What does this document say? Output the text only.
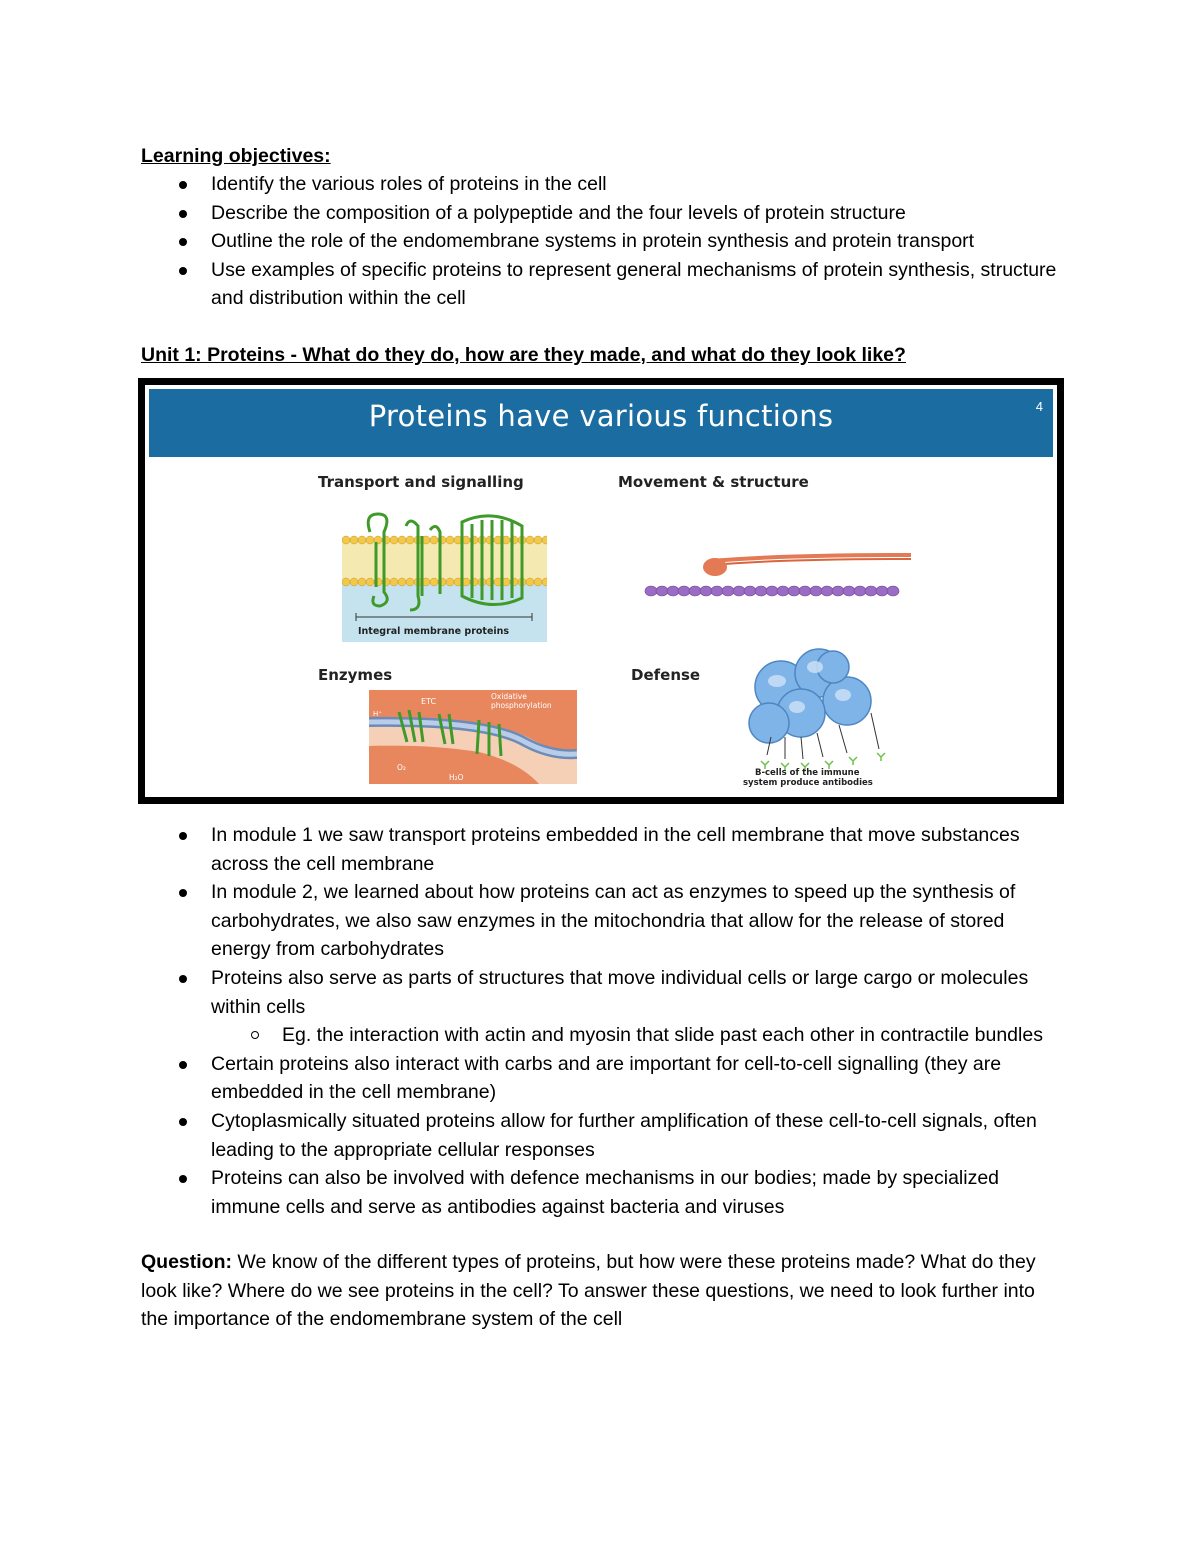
Learning objectives:
Identify the various roles of proteins in the cell
Describe the composition of a polypeptide and the four levels of protein structure
Outline the role of the endomembrane systems in protein synthesis and protein transport
Use examples of specific proteins to represent general mechanisms of protein synthesis, structure and distribution within the cell
Unit 1: Proteins - What do they do, how are they made, and what do they look like?
Proteins have various functions	4
Transport and signalling	Movement & structure
Enzymes	Defense
Integral membrane proteins
ETC
Oxidative
phosphorylation
H⁺
O₂
H₂O	B-cells of the immune
system produce antibodies
In module 1 we saw transport proteins embedded in the cell membrane that move substances across the cell membrane
In module 2, we learned about how proteins can act as enzymes to speed up the synthesis of carbohydrates, we also saw enzymes in the mitochondria that allow for the release of stored energy from carbohydrates
Proteins also serve as parts of structures that move individual cells or large cargo or molecules within cells
Eg. the interaction with actin and myosin that slide past each other in contractile bundles
Certain proteins also interact with carbs and are important for cell-to-cell signalling (they are embedded in the cell membrane)
Cytoplasmically situated proteins allow for further amplification of these cell-to-cell signals, often leading to the appropriate cellular responses
Proteins can also be involved with defence mechanisms in our bodies; made by specialized immune cells and serve as antibodies against bacteria and viruses
Question: We know of the different types of proteins, but how were these proteins made? What do they look like? Where do we see proteins in the cell? To answer these questions, we need to look further into the importance of the endomembrane system of the cell
